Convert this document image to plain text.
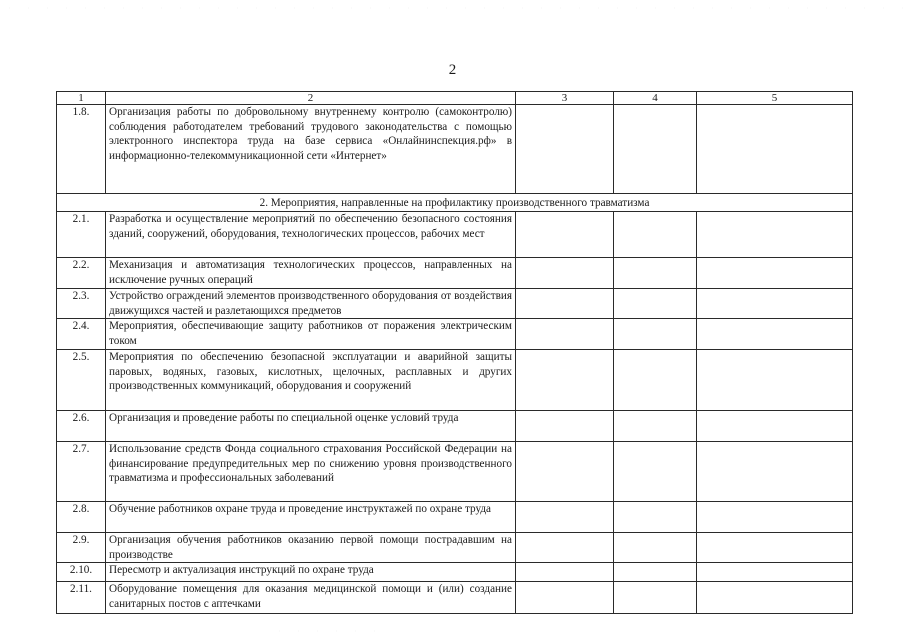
2
1	2	3	4	5
1.8.	Организация работы по добровольному внутреннему контролю (самоконтролю) соблюдения работодателем требований трудового законодательства с помощью электронного инспектора труда на базе сервиса «Онлайнинспекция.рф» в информационно-телекоммуникационной сети «Интернет»			
2. Мероприятия, направленные на профилактику производственного травматизма				
2.1.	Разработка и осуществление мероприятий по обеспечению безопасного состояния зданий, сооружений, оборудования, технологических процессов, рабочих мест			
2.2.	Механизация и автоматизация технологических процессов, направленных на исключение ручных операций			
2.3.	Устройство ограждений элементов производственного оборудования от воздействия движущихся частей и разлетающихся предметов			
2.4.	Мероприятия, обеспечивающие защиту работников от поражения электрическим током			
2.5.	Мероприятия по обеспечению безопасной эксплуатации и аварийной защиты паровых, водяных, газовых, кислотных, щелочных, расплавных и других производственных коммуникаций, оборудования и сооружений			
2.6.	Организация и проведение работы по специальной оценке условий труда			
2.7.	Использование средств Фонда социального страхования Российской Федерации на финансирование предупредительных мер по снижению уровня производственного травматизма и профессиональных заболеваний			
2.8.	Обучение работников охране труда и проведение инструктажей по охране труда			
2.9.	Организация обучения работников оказанию первой помощи пострадавшим на производстве			
2.10.	Пересмотр и актуализация инструкций по охране труда			
2.11.	Оборудование помещения для оказания медицинской помощи и (или) создание санитарных постов с аптечками			
